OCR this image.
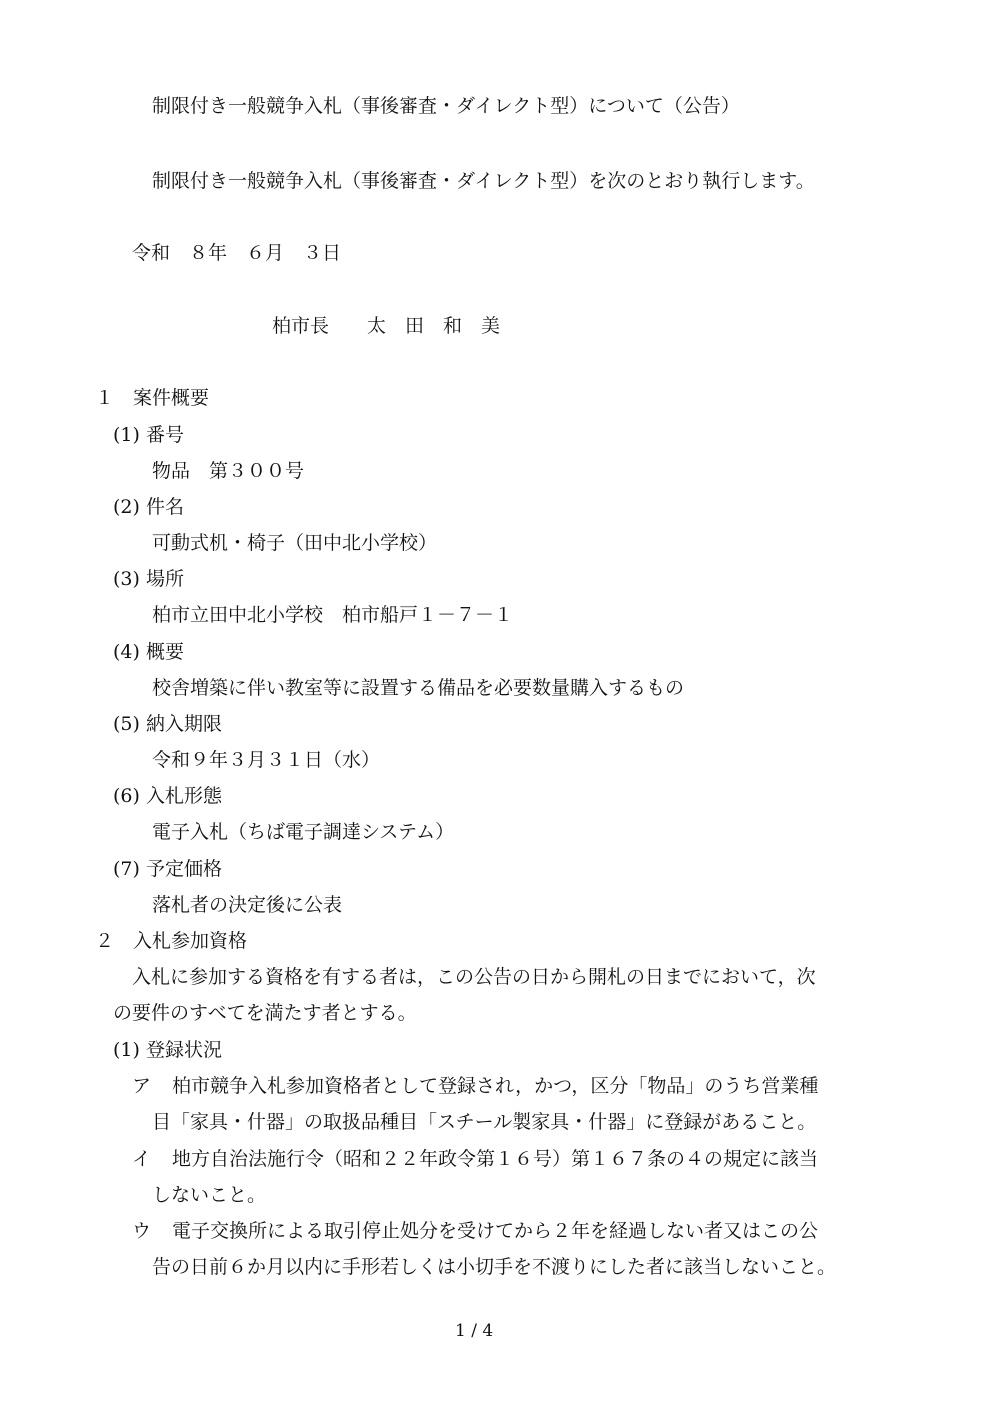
制限付き一般競争入札（事後審査・ダイレクト型）について（公告）
制限付き一般競争入札（事後審査・ダイレクト型）を次のとおり執行します。
令和　８年　６月　３日
柏市長　　太　田　和　美
１　案件概要
(1) 番号
物品　第３００号
(2) 件名
可動式机・椅子（田中北小学校）
(3) 場所
柏市立田中北小学校　柏市船戸１－７－１
(4) 概要
校舎増築に伴い教室等に設置する備品を必要数量購入するもの
(5) 納入期限
令和９年３月３１日（水）
(6) 入札形態
電子入札（ちば電子調達システム）
(7) 予定価格
落札者の決定後に公表
２　入札参加資格
入札に参加する資格を有する者は，この公告の日から開札の日までにおいて，次
の要件のすべてを満たす者とする。
(1) 登録状況
ア 柏市競争入札参加資格者として登録され，かつ，区分「物品」のうち営業種
目「家具・什器」の取扱品種目「スチール製家具・什器」に登録があること。
イ 地方自治法施行令（昭和２２年政令第１６号）第１６７条の４の規定に該当
しないこと。
ウ 電子交換所による取引停止処分を受けてから２年を経過しない者又はこの公
告の日前６か月以内に手形若しくは小切手を不渡りにした者に該当しないこと。
1 / 4
